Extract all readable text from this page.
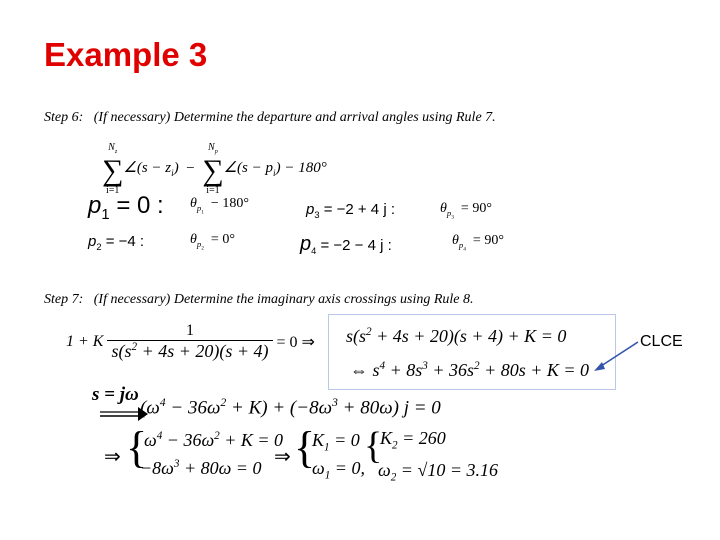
Example 3
Step 6: (If necessary) Determine the departure and arrival angles using Rule 7.
$N_z$
∑
i=1
∠(s − $z_i$)  −
$N_p$
∑
i=1
∠(s − $p_i) - 180^\circ$
$p_1 = 0$ : $\theta_{p_1} - 180^\circ$
$p_2 = -4$ :	$\theta_{p_2} = 0^\circ$
$p_3 = -2 + 4$ j :	$\theta_{p_3} = 90^\circ$
$p_4 = -2 - 4$ j :	$\theta_{p_4} = 90^\circ$
Step 7: (If necessary) Determine the imaginary axis crossings using Rule 8.
1 + K $\frac{1}{s(s^2 + 4s + 20)(s + 4)} = 0$ ⇒ $s(s^2 + 4s + 20)(s + 4) + K = 0$
⇔ $s^4 + 8s^3 + 36s^2 + 80s + K = 0$
CLCE
s = jω
$(\omega^4 - 36\omega^2 + K) + (-8\omega^3 + 80\omega) j = 0$
⇒ {
$\omega^4 - 36\omega^2 + K = 0$
$-8\omega^3 + 80\omega = 0$ ⇒ {
$K_1 = 0$
$\omega_1 = 0$,
{
$K_2 = 260$
$\omega_2 = √10 = 3.16$
